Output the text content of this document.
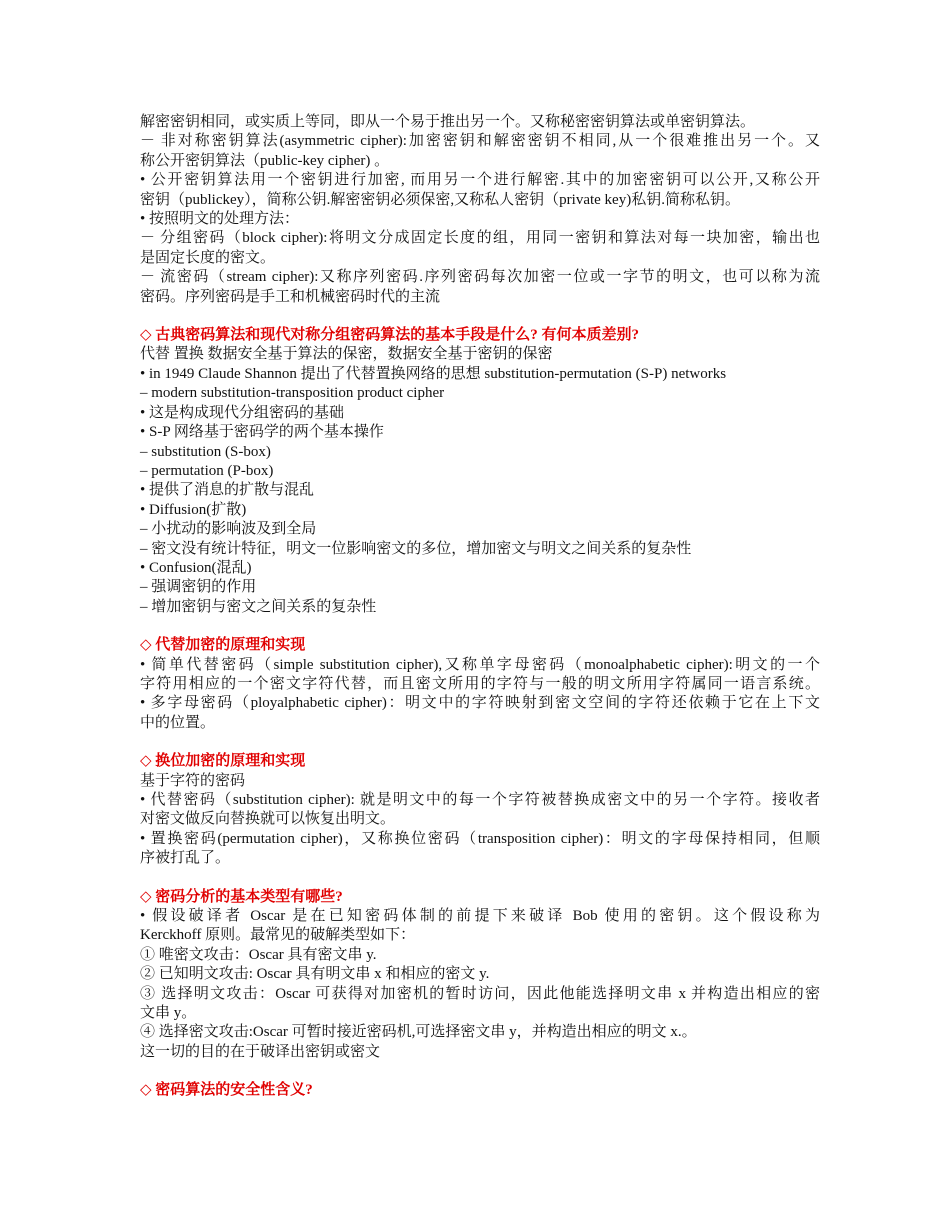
解密密钥相同，或实质上等同，即从一个易于推出另一个。又称秘密密钥算法或单密钥算法。
－ 非对称密钥算法(asymmetric cipher):加密密钥和解密密钥不相同,从一个很难推出另一个。又
称公开密钥算法（public-key cipher) 。
• 公开密钥算法用一个密钥进行加密, 而用另一个进行解密.其中的加密密钥可以公开,又称公开
密钥（publickey），简称公钥.解密密钥必须保密,又称私人密钥（private key)私钥.简称私钥。
• 按照明文的处理方法：
－ 分组密码（block cipher):将明文分成固定长度的组，用同一密钥和算法对每一块加密，输出也
是固定长度的密文。
－ 流密码（stream cipher):又称序列密码.序列密码每次加密一位或一字节的明文，也可以称为流
密码。序列密码是手工和机械密码时代的主流
◇ 古典密码算法和现代对称分组密码算法的基本手段是什么? 有何本质差别?
代替 置换 数据安全基于算法的保密，数据安全基于密钥的保密
• in 1949 Claude Shannon 提出了代替置换网络的思想 substitution-permutation (S-P) networks
– modern substitution-transposition product cipher
• 这是构成现代分组密码的基础
• S-P 网络基于密码学的两个基本操作
– substitution (S-box)
– permutation (P-box)
• 提供了消息的扩散与混乱
• Diffusion(扩散)
– 小扰动的影响波及到全局
– 密文没有统计特征，明文一位影响密文的多位，增加密文与明文之间关系的复杂性
• Confusion(混乱)
– 强调密钥的作用
– 增加密钥与密文之间关系的复杂性
◇ 代替加密的原理和实现
• 简单代替密码（simple substitution cipher),又称单字母密码（monoalphabetic cipher):明文的一个
字符用相应的一个密文字符代替，而且密文所用的字符与一般的明文所用字符属同一语言系统。
• 多字母密码（ployalphabetic cipher)：明文中的字符映射到密文空间的字符还依赖于它在上下文
中的位置。
◇ 换位加密的原理和实现
基于字符的密码
• 代替密码（substitution cipher): 就是明文中的每一个字符被替换成密文中的另一个字符。接收者
对密文做反向替换就可以恢复出明文。
• 置换密码(permutation cipher)，又称换位密码（transposition cipher)：明文的字母保持相同，但顺
序被打乱了。
◇ 密码分析的基本类型有哪些?
• 假设破译者 Oscar 是在已知密码体制的前提下来破译 Bob 使用的密钥。这个假设称为
Kerckhoff 原则。最常见的破解类型如下：
① 唯密文攻击：Oscar 具有密文串 y.
② 已知明文攻击: Oscar 具有明文串 x 和相应的密文 y.
③ 选择明文攻击：Oscar 可获得对加密机的暂时访问，因此他能选择明文串 x 并构造出相应的密
文串 y。
④ 选择密文攻击:Oscar 可暂时接近密码机,可选择密文串 y，并构造出相应的明文 x.。
这一切的目的在于破译出密钥或密文
◇ 密码算法的安全性含义?
